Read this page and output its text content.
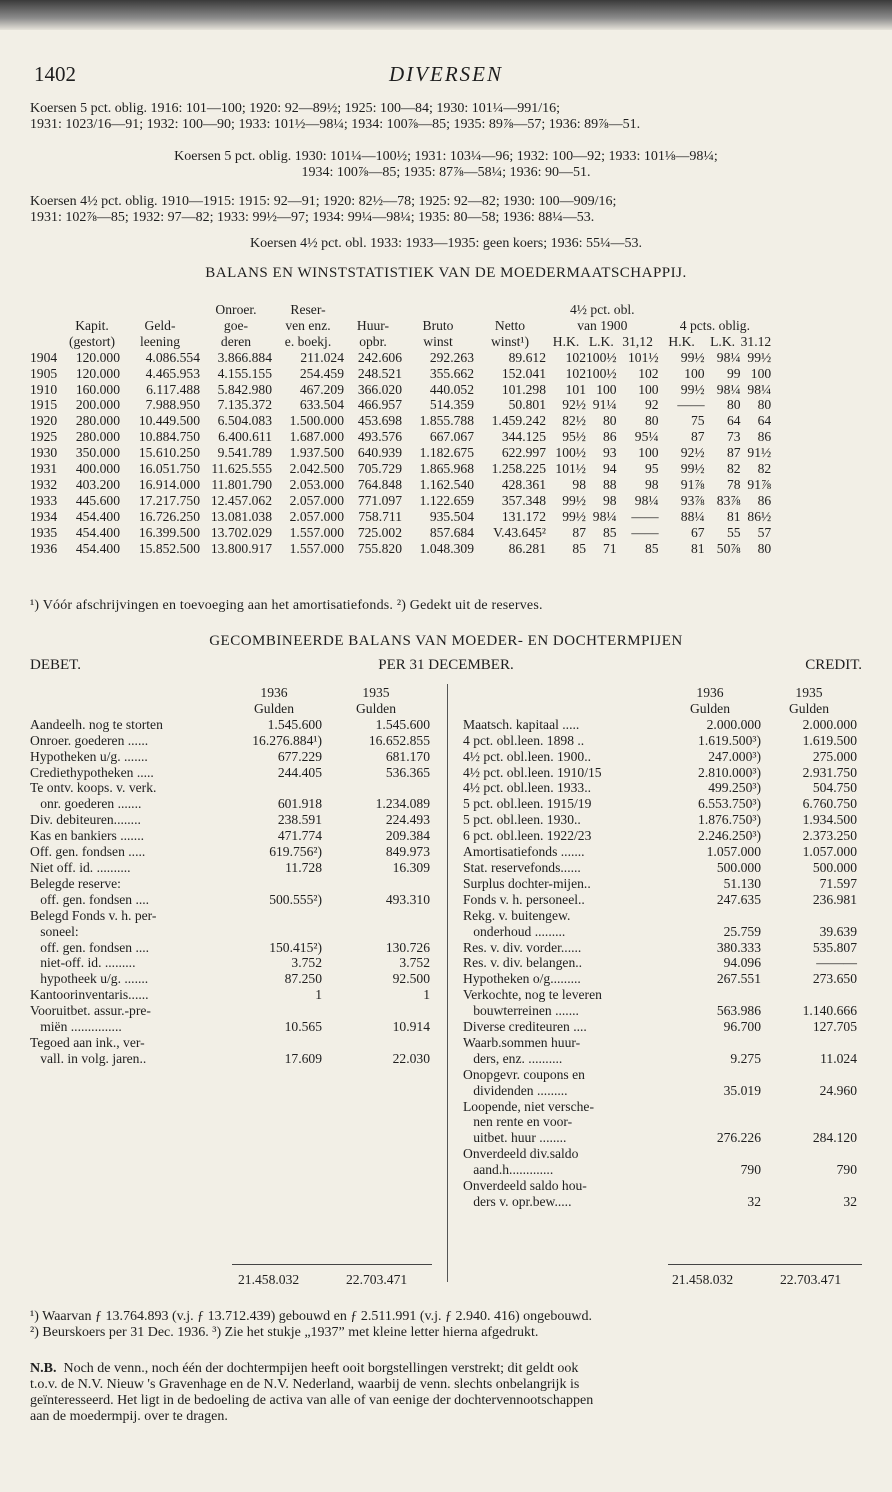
1402	DIVERSEN
Koersen 5 pct. oblig. 1916: 101—100; 1920: 92—89½; 1925: 100—84; 1930: 101¼—991/16;
1931: 1023/16—91; 1932: 100—90; 1933: 101½—98¼; 1934: 100⅞—85; 1935: 89⅞—57; 1936: 89⅞—51.
Koersen 5 pct. oblig. 1930: 101¼—100½; 1931: 103¼—96; 1932: 100—92; 1933: 101⅛—98¼;
1934: 100⅞—85; 1935: 87⅞—58¼; 1936: 90—51.
Koersen 4½ pct. oblig. 1910—1915: 1915: 92—91; 1920: 82½—78; 1925: 92—82; 1930: 100—909/16;
1931: 102⅞—85; 1932: 97—82; 1933: 99½—97; 1934: 99¼—98¼; 1935: 80—58; 1936: 88¼—53.
Koersen 4½ pct. obl. 1933: 1933—1935: geen koers; 1936: 55¼—53.
BALANS EN WINSTSTATISTIEK VAN DE MOEDERMAATSCHAPPIJ.
			Onroer.	Reser-				4½ pct. obl.					
	Kapit.	Geld-	goe-	ven enz.	Huur-	Bruto	Netto	van 1900			4 pcts. oblig.		
	(gestort)	leening	deren	e. boekj.	opbr.	winst	winst¹)	H.K.	L.K.	31,12	H.K.	L.K.	31.12
1904	120.000	4.086.554	3.866.884	211.024	242.606	292.263	89.612	102	100½	101½	99½	98¼	99½
1905	120.000	4.465.953	4.155.155	254.459	248.521	355.662	152.041	102	100½	102	100	99	100
1910	160.000	6.117.488	5.842.980	467.209	366.020	440.052	101.298	101	100	100	99½	98¼	98¼
1915	200.000	7.988.950	7.135.372	633.504	466.957	514.359	50.801	92½	91¼	92	——	80	80
1920	280.000	10.449.500	6.504.083	1.500.000	453.698	1.855.788	1.459.242	82½	80	80	75	64	64
1925	280.000	10.884.750	6.400.611	1.687.000	493.576	667.067	344.125	95½	86	95¼	87	73	86
1930	350.000	15.610.250	9.541.789	1.937.500	640.939	1.182.675	622.997	100½	93	100	92½	87	91½
1931	400.000	16.051.750	11.625.555	2.042.500	705.729	1.865.968	1.258.225	101½	94	95	99½	82	82
1932	403.200	16.914.000	11.801.790	2.053.000	764.848	1.162.540	428.361	98	88	98	91⅞	78	91⅞
1933	445.600	17.217.750	12.457.062	2.057.000	771.097	1.122.659	357.348	99½	98	98¼	93⅞	83⅞	86
1934	454.400	16.726.250	13.081.038	2.057.000	758.711	935.504	131.172	99½	98¼	——	88¼	81	86½
1935	454.400	16.399.500	13.702.029	1.557.000	725.002	857.684	V.43.645²	87	85	——	67	55	57
1936	454.400	15.852.500	13.800.917	1.557.000	755.820	1.048.309	86.281	85	71	85	81	50⅞	80
¹) Vóór afschrijvingen en toevoeging aan het amortisatiefonds. ²) Gedekt uit de reserves.
GECOMBINEERDE BALANS VAN MOEDER- EN DOCHTERMPIJEN
DEBET.	PER 31 DECEMBER.	CREDIT.
	1936	1935
	Gulden	Gulden
Aandeelh. nog te storten	1.545.600	1.545.600
Onroer. goederen ......	16.276.884¹)	16.652.855
Hypotheken u/g. .......	677.229	681.170
Crediethypotheken .....	244.405	536.365
Te ontv. koops. v. verk.		
onr. goederen .......	601.918	1.234.089
Div. debiteuren........	238.591	224.493
Kas en bankiers .......	471.774	209.384
Off. gen. fondsen .....	619.756²)	849.973
Niet off. id. ..........	11.728	16.309
Belegde reserve:		
off. gen. fondsen ....	500.555²)	493.310
Belegd Fonds v. h. per-		
soneel:		
off. gen. fondsen ....	150.415²)	130.726
niet-off. id. .........	3.752	3.752
hypotheek u/g. .......	87.250	92.500
Kantoorinventaris......	1	1
Vooruitbet. assur.-pre-		
miën ...............	10.565	10.914
Tegoed aan ink., ver-		
vall. in volg. jaren..	17.609	22.030
	1936	1935
	Gulden	Gulden
Maatsch. kapitaal .....	2.000.000	2.000.000
4 pct. obl.leen. 1898 ..	1.619.500³)	1.619.500
4½ pct. obl.leen. 1900..	247.000³)	275.000
4½ pct. obl.leen. 1910/15	2.810.000³)	2.931.750
4½ pct. obl.leen. 1933..	499.250³)	504.750
5 pct. obl.leen. 1915/19	6.553.750³)	6.760.750
5 pct. obl.leen. 1930..	1.876.750³)	1.934.500
6 pct. obl.leen. 1922/23	2.246.250³)	2.373.250
Amortisatiefonds .......	1.057.000	1.057.000
Stat. reservefonds......	500.000	500.000
Surplus dochter-mijen..	51.130	71.597
Fonds v. h. personeel..	247.635	236.981
Rekg. v. buitengew.		
onderhoud .........	25.759	39.639
Res. v. div. vorder......	380.333	535.807
Res. v. div. belangen..	94.096	———
Hypotheken o/g.........	267.551	273.650
Verkochte, nog te leveren		
bouwterreinen .......	563.986	1.140.666
Diverse crediteuren ....	96.700	127.705
Waarb.sommen huur-		
ders, enz. ..........	9.275	11.024
Onopgevr. coupons en		
dividenden .........	35.019	24.960
Loopende, niet verschе-		
nen rente en voor-		
uitbet. huur ........	276.226	284.120
Onverdeeld div.saldo		
aand.h.............	790	790
Onverdeeld saldo hou-		
ders v. opr.bew.....	32	32
21.458.032	22.703.471	21.458.032	22.703.471
¹) Waarvan ƒ 13.764.893 (v.j. ƒ 13.712.439) gebouwd en ƒ 2.511.991 (v.j. ƒ 2.940. 416) ongebouwd.
²) Beurskoers per 31 Dec. 1936. ³) Zie het stukje „1937” met kleine letter hierna afgedrukt.
N.B. Noch de venn., noch één der dochtermpijen heeft ooit borgstellingen verstrekt; dit geldt ook
t.o.v. de N.V. Nieuw 's Gravenhage en de N.V. Nederland, waarbij de venn. slechts onbelangrijk is
geïnteresseerd. Het ligt in de bedoeling de activa van alle of van eenige der dochtervennootschappen
aan de moedermpij. over te dragen.
